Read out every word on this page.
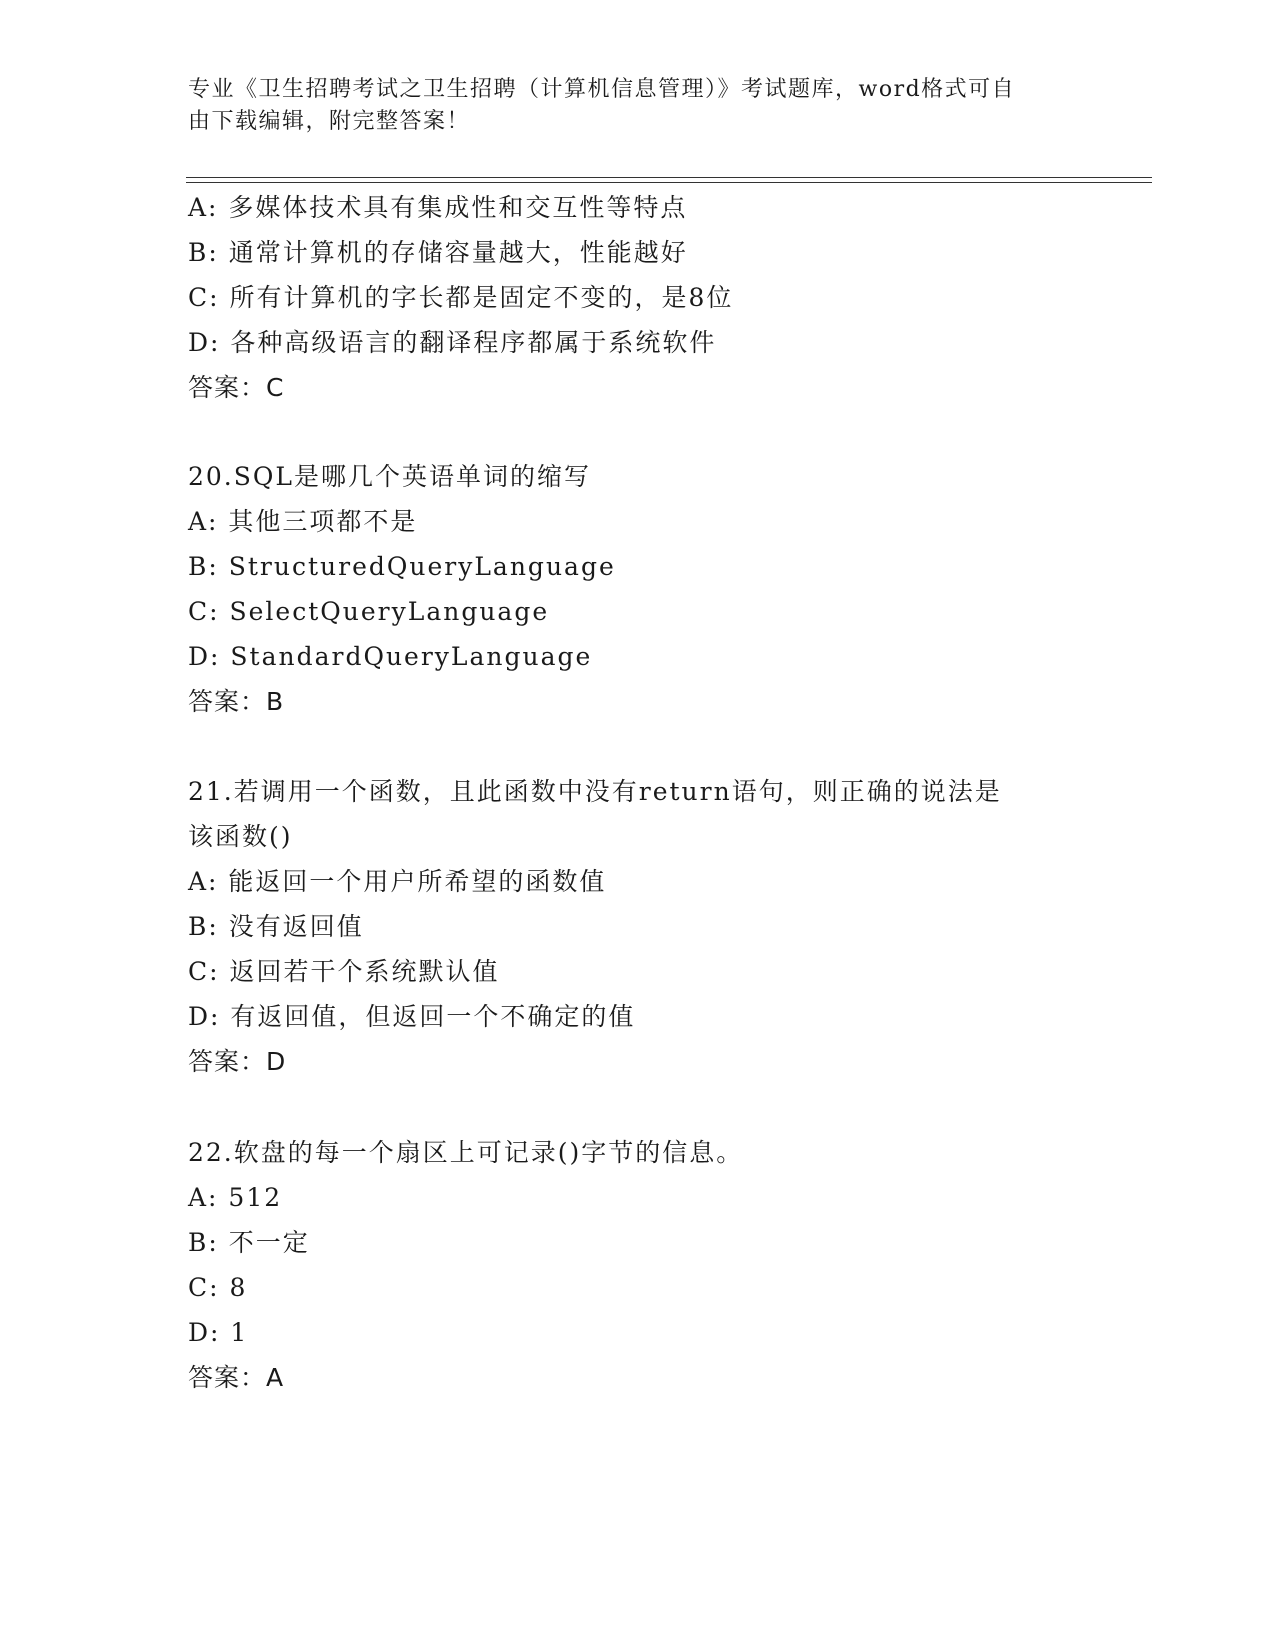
专业《卫生招聘考试之卫生招聘（计算机信息管理）》考试题库，word格式可自
由下载编辑，附完整答案！
A: 多媒体技术具有集成性和交互性等特点
B: 通常计算机的存储容量越大，性能越好
C: 所有计算机的字长都是固定不变的，是8位
D: 各种高级语言的翻译程序都属于系统软件
答案：C
20.SQL是哪几个英语单词的缩写
A: 其他三项都不是
B: StructuredQueryLanguage
C: SelectQueryLanguage
D: StandardQueryLanguage
答案：B
21.若调用一个函数，且此函数中没有return语句，则正确的说法是
该函数()
A: 能返回一个用户所希望的函数值
B: 没有返回值
C: 返回若干个系统默认值
D: 有返回值，但返回一个不确定的值
答案：D
22.软盘的每一个扇区上可记录()字节的信息。
A: 512
B: 不一定
C: 8
D: 1
答案：A
